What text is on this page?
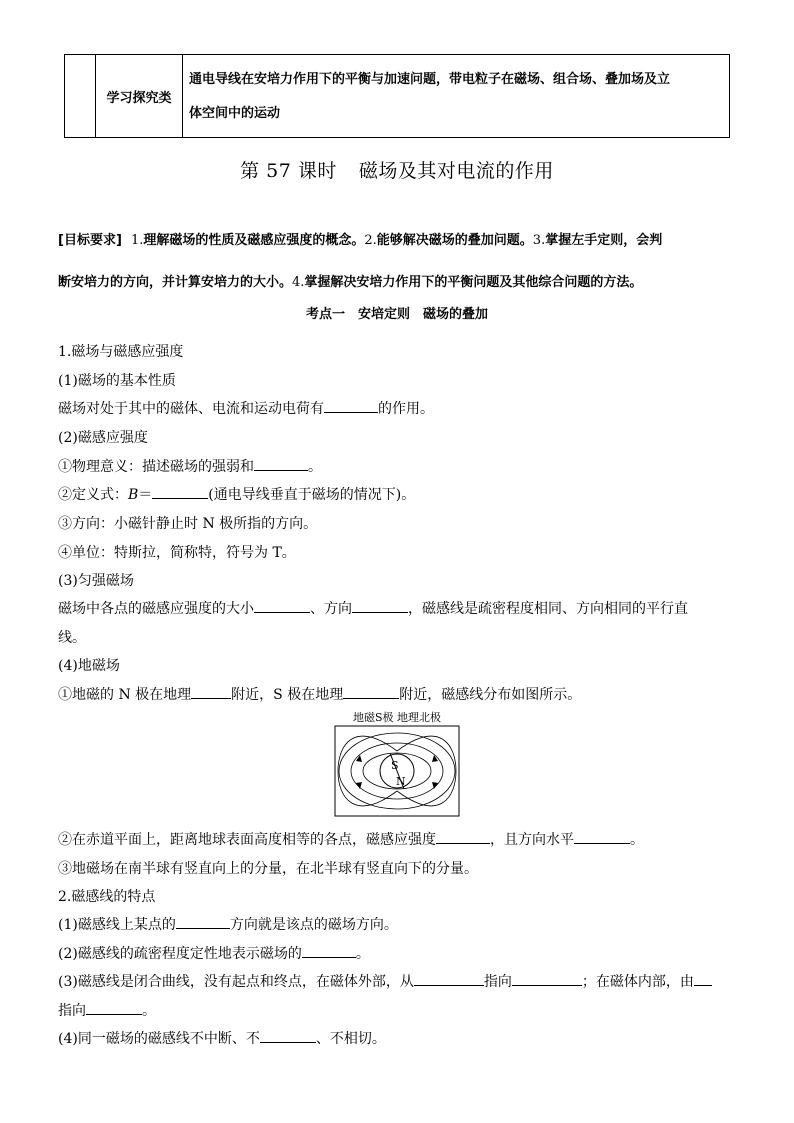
学习探究类
通电导线在安培力作用下的平衡与加速问题，带电粒子在磁场、组合场、叠加场及立
体空间中的运动
第 57 课时 磁场及其对电流的作用
[目标要求] 1.理解磁场的性质及磁感应强度的概念。2.能够解决磁场的叠加问题。3.掌握左手定则，会判
断安培力的方向，并计算安培力的大小。4.掌握解决安培力作用下的平衡问题及其他综合问题的方法。
考点一　安培定则　磁场的叠加
1.磁场与磁感应强度
(1)磁场的基本性质
磁场对处于其中的磁体、电流和运动电荷有	的作用。
(2)磁感应强度
①物理意义：描述磁场的强弱和	。
②定义式：B＝	(通电导线垂直于磁场的情况下)。
③方向：小磁针静止时 N 极所指的方向。
④单位：特斯拉，简称特，符号为 T。
(3)匀强磁场
磁场中各点的磁感应强度的大小	、方向	，磁感线是疏密程度相同、方向相同的平行直
线。
(4)地磁场
①地磁的 N 极在地理	附近，S 极在地理	附近，磁感线分布如图所示。
地磁S极 地理北极
S
N
②在赤道平面上，距离地球表面高度相等的各点，磁感应强度	，且方向水平	。
③地磁场在南半球有竖直向上的分量，在北半球有竖直向下的分量。
2.磁感线的特点
(1)磁感线上某点的	方向就是该点的磁场方向。
(2)磁感线的疏密程度定性地表示磁场的	。
(3)磁感线是闭合曲线，没有起点和终点，在磁体外部，从	指向	；在磁体内部，由
指向	。
(4)同一磁场的磁感线不中断、不	、不相切。
